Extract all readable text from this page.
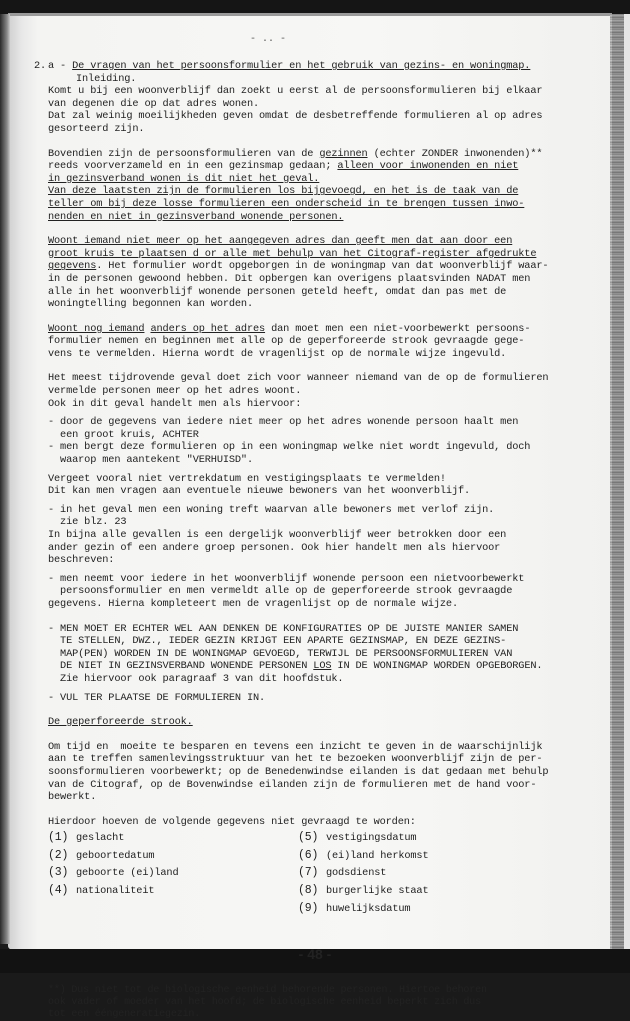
- .. -
2. a - De vragen van het persoonsformulier en het gebruik van gezins- en woningmap.
Inleiding.
Komt u bij een woonverblijf dan zoekt u eerst al de persoonsformulieren bij elkaar
van degenen die op dat adres wonen.
Dat zal weinig moeilijkheden geven omdat de desbetreffende formulieren al op adres
gesorteerd zijn.
Bovendien zijn de persoonsformulieren van de gezinnen (echter ZONDER inwonenden)**
reeds voorverzameld en in een gezinsmap gedaan; alleen voor inwonenden en niet
in gezinsverband wonen is dit niet het geval.
Van deze laatsten zijn de formulieren los bijgevoegd, en het is de taak van de
teller om bij deze losse formulieren een onderscheid in te brengen tussen inwo-
nenden en niet in gezinsverband wonende personen.
Woont iemand niet meer op het aangegeven adres dan geeft men dat aan door een
groot kruis te plaatsen d or alle met behulp van het Citograf-register afgedrukte
gegevens. Het formulier wordt opgeborgen in de woningmap van dat woonverblijf waar-
in de personen gewoond hebben. Dit opbergen kan overigens plaatsvinden NADAT men
alle in het woonverblijf wonende personen geteld heeft, omdat dan pas met de
woningtelling begonnen kan worden.
Woont nog iemand anders op het adres dan moet men een niet-voorbewerkt persoons-
formulier nemen en beginnen met alle op de geperforeerde strook gevraagde gege-
vens te vermelden. Hierna wordt de vragenlijst op de normale wijze ingevuld.
Het meest tijdrovende geval doet zich voor wanneer niemand van de op de formulieren
vermelde personen meer op het adres woont.
Ook in dit geval handelt men als hiervoor:
- door de gegevens van iedere niet meer op het adres wonende persoon haalt men
een groot kruis, ACHTER
- men bergt deze formulieren op in een woningmap welke niet wordt ingevuld, doch
waarop men aantekent "VERHUISD".
Vergeet vooral niet vertrekdatum en vestigingsplaats te vermelden!
Dit kan men vragen aan eventuele nieuwe bewoners van het woonverblijf.
- in het geval men een woning treft waarvan alle bewoners met verlof zijn.
zie blz. 23
In bijna alle gevallen is een dergelijk woonverblijf weer betrokken door een
ander gezin of een andere groep personen. Ook hier handelt men als hiervoor
beschreven:
- men neemt voor iedere in het woonverblijf wonende persoon een nietvoorbewerkt
persoonsformulier en men vermeldt alle op de geperforeerde strook gevraagde
gegevens. Hierna kompleteert men de vragenlijst op de normale wijze.
- MEN MOET ER ECHTER WEL AAN DENKEN DE KONFIGURATIES OP DE JUISTE MANIER SAMEN
TE STELLEN, DWZ., IEDER GEZIN KRIJGT EEN APARTE GEZINSMAP, EN DEZE GEZINS-
MAP(PEN) WORDEN IN DE WONINGMAP GEVOEGD, TERWIJL DE PERSOONSFORMULIEREN VAN
DE NIET IN GEZINSVERBAND WONENDE PERSONEN LOS IN DE WONINGMAP WORDEN OPGEBORGEN.
Zie hiervoor ook paragraaf 3 van dit hoofdstuk.
- VUL TER PLAATSE DE FORMULIEREN IN.
De geperforeerde strook.
Om tijd en  moeite te besparen en tevens een inzicht te geven in de waarschijnlijk
aan te treffen samenlevingsstruktuur van het te bezoeken woonverblijf zijn de per-
soonsformulieren voorbewerkt; op de Benedenwindse eilanden is dat gedaan met behulp
van de Citograf, op de Bovenwindse eilanden zijn de formulieren met de hand voor-
bewerkt.
Hierdoor hoeven de volgende gegevens niet gevraagd te worden:
(1) geslacht	(5) vestigingsdatum
(2) geboortedatum	(6) (ei)land herkomst
(3) geboorte (ei)land	(7) godsdienst
(4) nationaliteit	(8) burgerlijke staat
(9) huwelijksdatum
**) Dus niet tot de biologische eenheid behorende personen. Hiertoe behoren
ook vader of moeder van het hoofd; de biologische eenheid beperkt zich dus
tot een ééngeneratiegezin.
- 48 -
